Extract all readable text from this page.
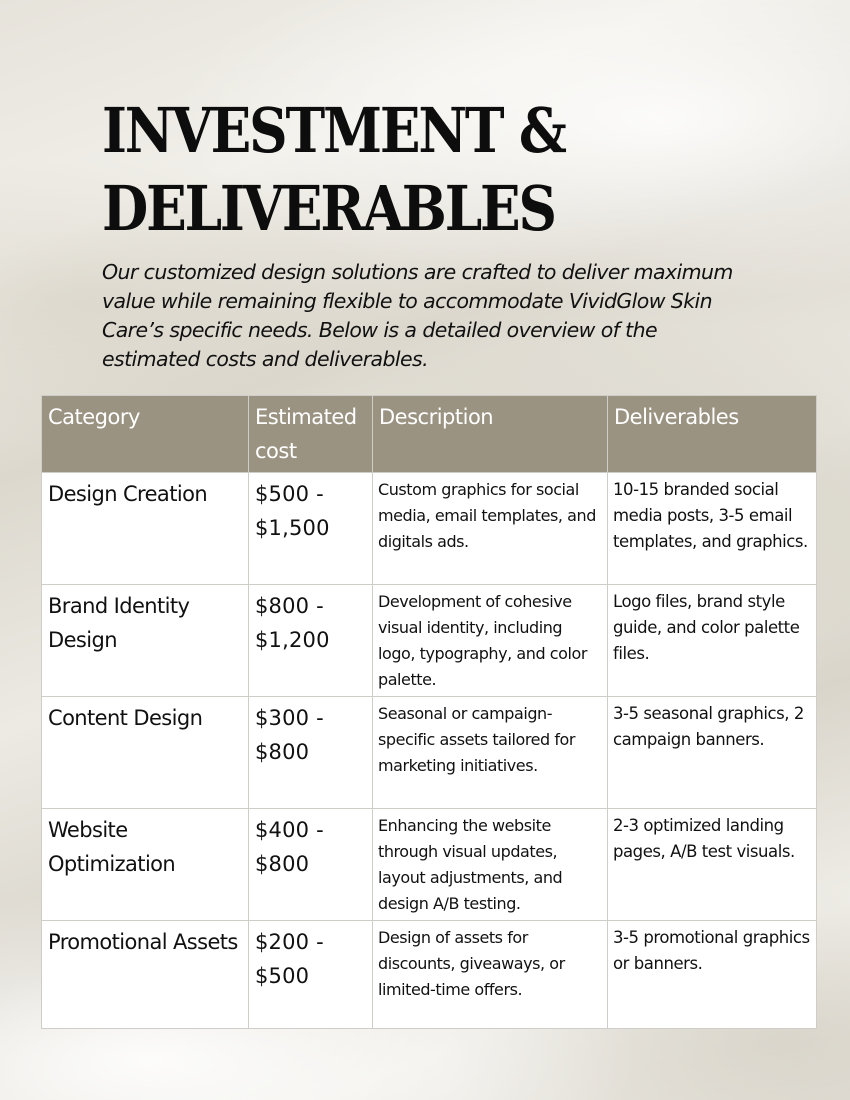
INVESTMENT &
DELIVERABLES

Our customized design solutions are crafted to deliver maximum value while remaining flexible to accommodate VividGlow Skin Care’s specific needs. Below is a detailed overview of the estimated costs and deliverables.

Category	Estimated cost	Description	Deliverables
Design Creation	$500 - $1,500	Custom graphics for social media, email templates, and digitals ads.	10-15 branded social media posts, 3-5 email templates, and graphics.
Brand Identity Design	$800 - $1,200	Development of cohesive visual identity, including logo, typography, and color palette.	Logo files, brand style guide, and color palette files.
Content Design	$300 - $800	Seasonal or campaign-specific assets tailored for marketing initiatives.	3-5 seasonal graphics, 2 campaign banners.
Website Optimization	$400 - $800	Enhancing the website through visual updates, layout adjustments, and design A/B testing.	2-3 optimized landing pages, A/B test visuals.
Promotional Assets	$200 - $500	Design of assets for discounts, giveaways, or limited-time offers.	3-5 promotional graphics or banners.
